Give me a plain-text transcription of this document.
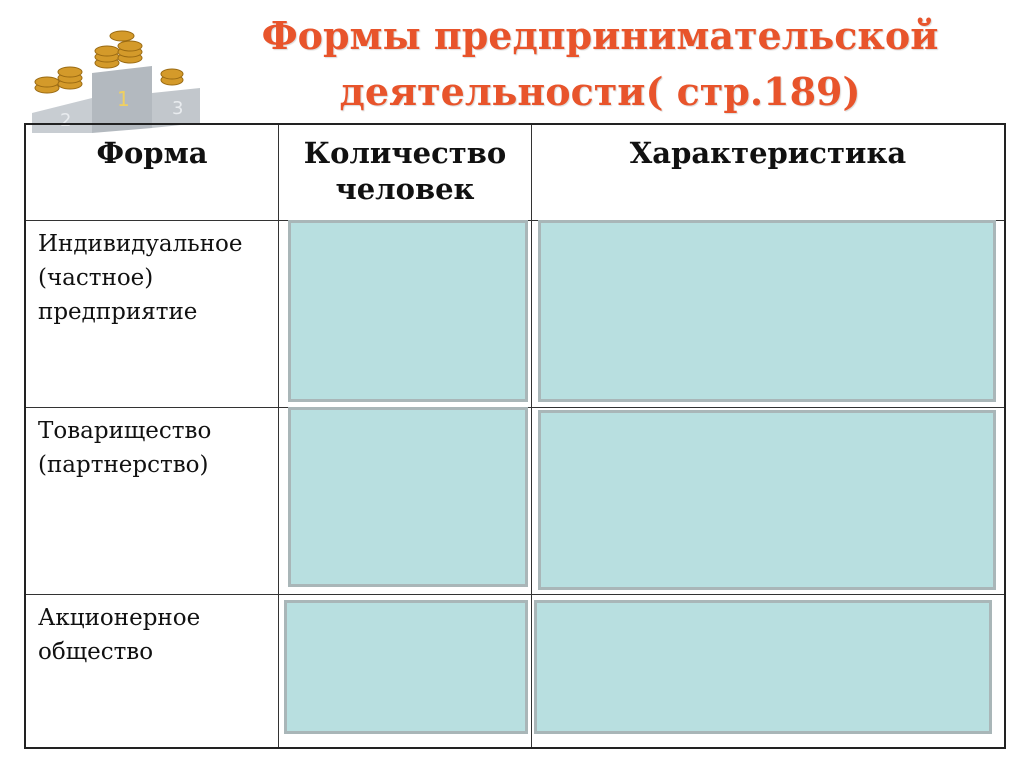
2
1 3
Формы предпринимательской деятельности( стр.189)
Форма	Количество человек	Характеристика
Индивидуальное (частное) предприятие		
Товарищество (партнерство)		
Акционерное общество		
